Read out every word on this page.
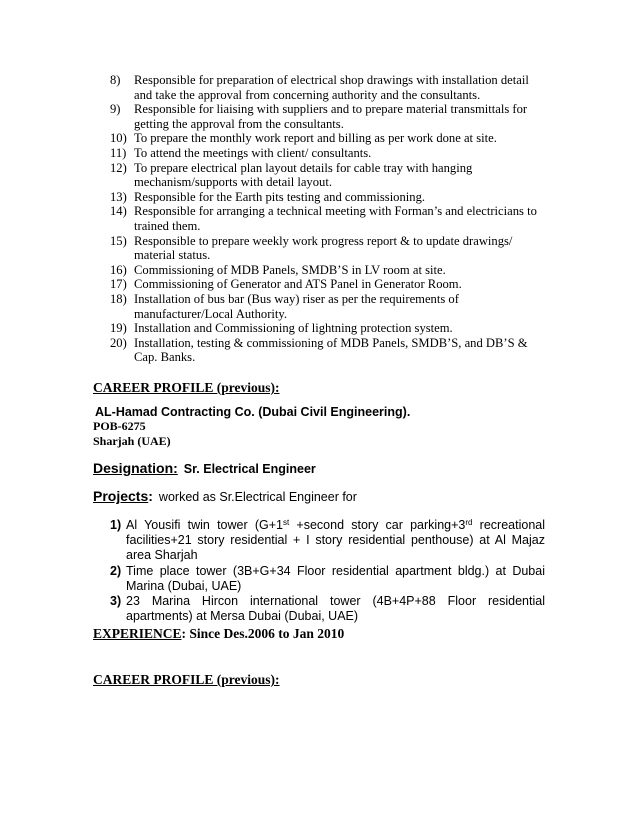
8) Responsible for preparation of electrical shop drawings with installation detail and take the approval from concerning authority and the consultants.
9) Responsible for liaising with suppliers and to prepare material transmittals for getting the approval from the consultants.
10) To prepare the monthly work report and billing as per work done at site.
11) To attend the meetings with client/ consultants.
12) To prepare electrical plan layout details for cable tray with hanging mechanism/supports with detail layout.
13) Responsible for the Earth pits testing and commissioning.
14) Responsible for arranging a technical meeting with Forman’s and electricians to trained them.
15) Responsible to prepare weekly work progress report & to update drawings/ material status.
16) Commissioning of MDB Panels, SMDB’S in LV room at site.
17) Commissioning of Generator and ATS Panel in Generator Room.
18) Installation of bus bar (Bus way) riser as per the requirements of manufacturer/Local Authority.
19) Installation and Commissioning of lightning protection system.
20) Installation, testing & commissioning of MDB Panels, SMDB’S, and DB’S & Cap. Banks.
CAREER PROFILE (previous):
AL-Hamad Contracting Co. (Dubai Civil Engineering).
POB-6275
Sharjah (UAE)
Designation: Sr. Electrical Engineer
Projects: worked as Sr.Electrical Engineer for
1) Al Yousifi twin tower (G+1st +second story car parking+3rd recreational facilities+21 story residential + I story residential penthouse) at Al Majaz area Sharjah
2) Time place tower (3B+G+34 Floor residential apartment bldg.) at Dubai Marina (Dubai, UAE)
3) 23 Marina Hircon international tower (4B+4P+88 Floor residential apartments) at Mersa Dubai (Dubai, UAE)
EXPERIENCE: Since Des.2006 to Jan 2010
CAREER PROFILE (previous):
